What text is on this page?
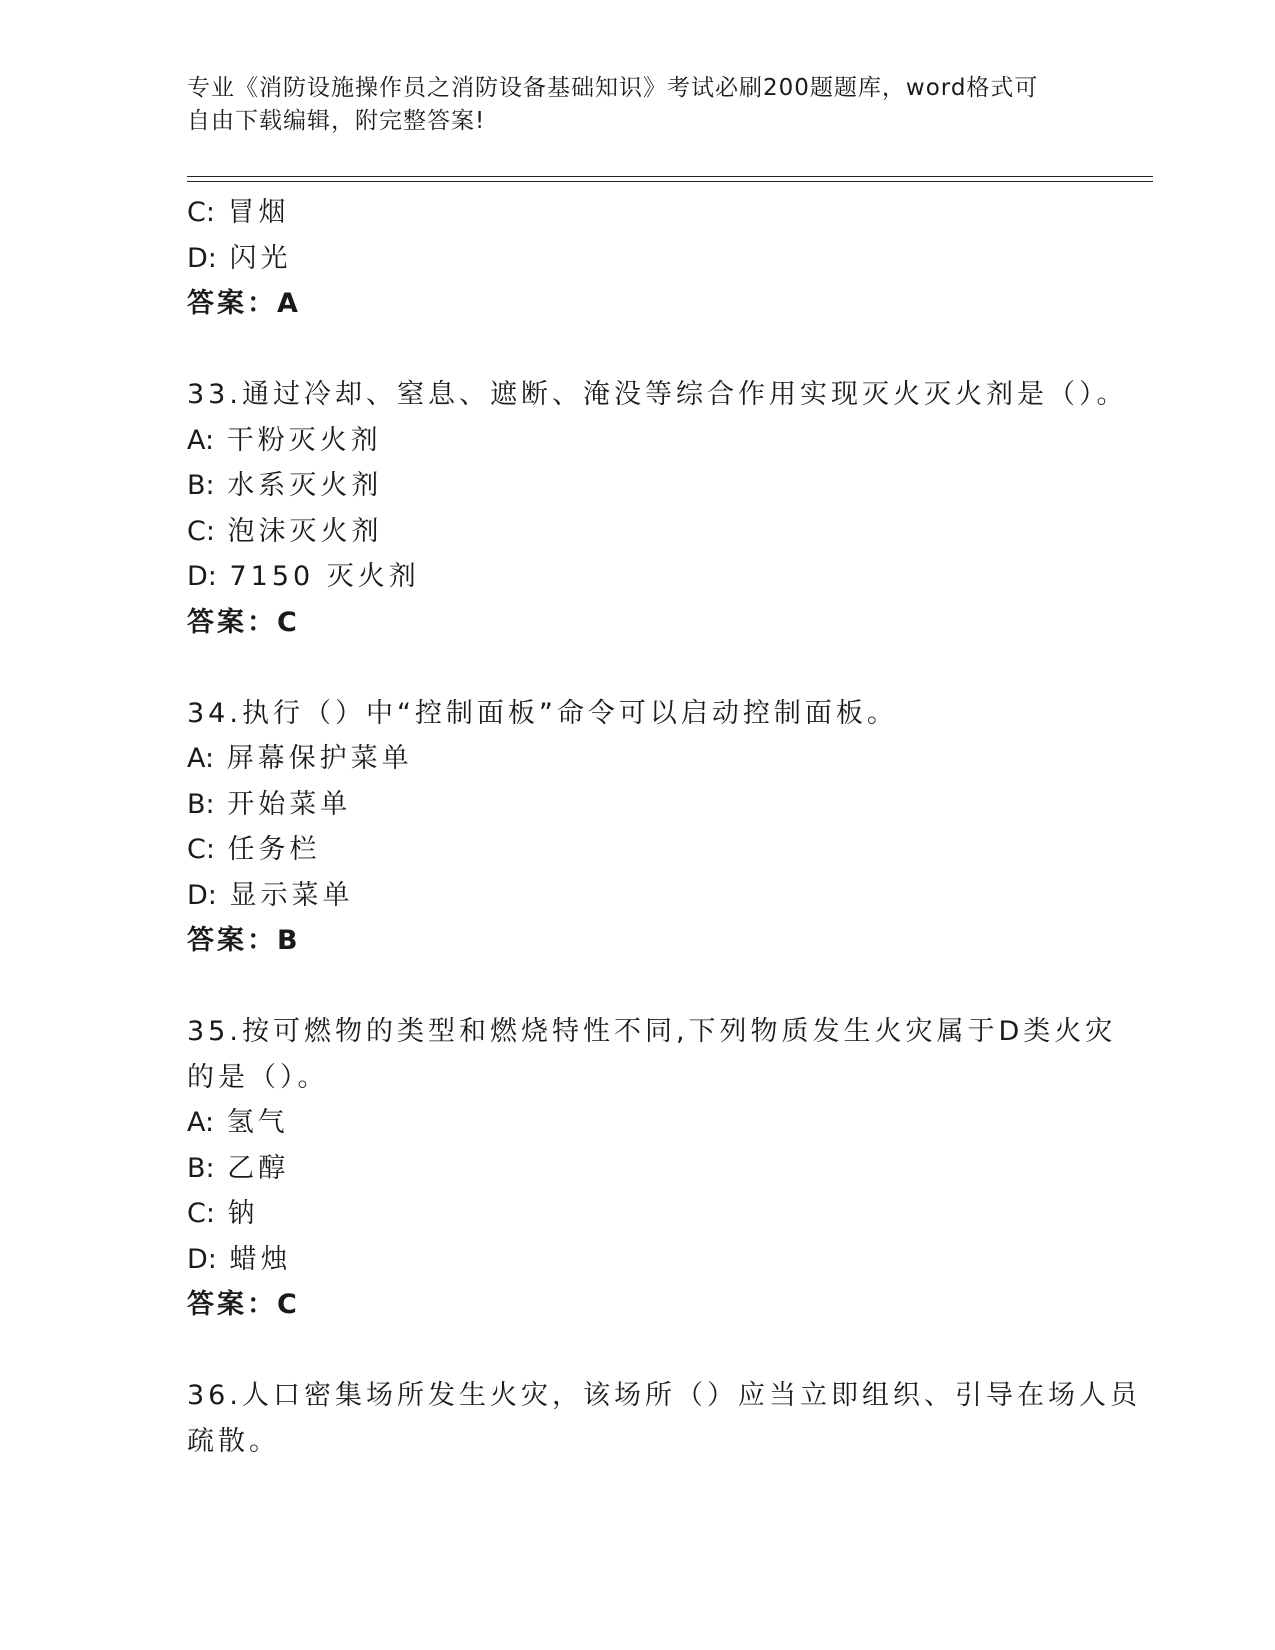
专业《消防设施操作员之消防设备基础知识》考试必刷200题题库，word格式可
自由下载编辑，附完整答案!
C: 冒烟
D: 闪光
答案：A
33.通过冷却、窒息、遮断、淹没等综合作用实现灭火灭火剂是（）。
A: 干粉灭火剂
B: 水系灭火剂
C: 泡沫灭火剂
D: 7150 灭火剂
答案：C
34.执行（）中“控制面板”命令可以启动控制面板。
A: 屏幕保护菜单
B: 开始菜单
C: 任务栏
D: 显示菜单
答案：B
35.按可燃物的类型和燃烧特性不同,下列物质发生火灾属于D类火灾
的是（）。
A: 氢气
B: 乙醇
C: 钠
D: 蜡烛
答案：C
36.人口密集场所发生火灾，该场所（）应当立即组织、引导在场人员
疏散。
